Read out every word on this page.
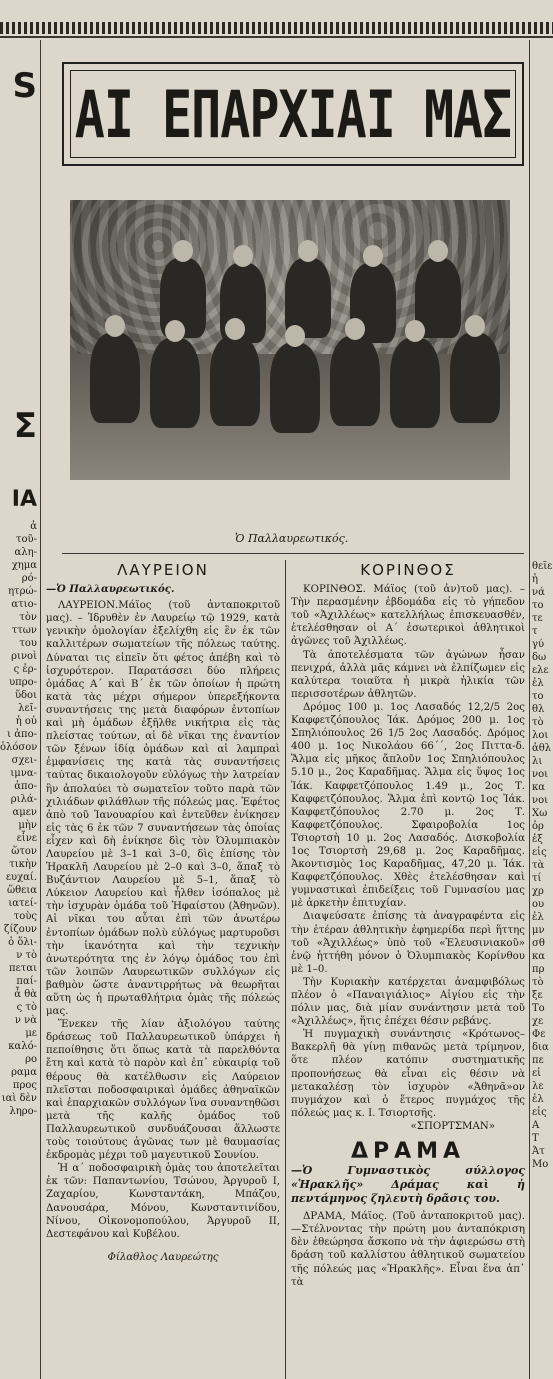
S

Σ

ΙΑ

ἀ

τοῦ-

αλη-

χημα

ρό-

ητρώ-

ατιο-

τὸν

ττων

του

ρινοὶ

ς ἐρ-

υπρο-

ὕδοι

λεῖ-

ἡ οὐ

ι ἀπο-

ὁλόσον

σχει-

ιμνα-

ἀπο-

ριλά-

αμεν

μὴν

εἶνε

ὥτον

τικὴν

ευχαί.

ὥθεια

ιατεί-

τοὺς

ζίζουν

ὁ ὅλι-

ν τὸ

πεται

παί-

ἆ θὰ

ς τὸ

ν νὰ

με

καλό-

ρο

ραμα

προς

ιαὶ δὲν

ληρο-

θεῖε

ἡ

νά

το

τε

τ

γύ

δω

ελε

ἐλ

το

θλ

τὸ

λοι

ἀθλ

λι

νοι

κα

νοι

Χω

ὀρ

ἐξ

εἰς

τὰ

τί

χρ

ου

ἐλ

μν

σθ

κα

πρ

τὸ

ξε

Το

χε

Φε

δια

πε

εἰ

λε

ἐλ

εἰς

Α

Τ

Ἀτ

Μο

ΑΙ ΕΠΑΡΧΙΑΙ ΜΑΣ
Ὁ Παλλαυρεωτικός.
ΛΑΥΡΕΙΟΝ
—Ὁ Παλλαυρεωτικός.

ΛΑΥΡΕΙΟΝ.Μάϊος (τοῦ ἀνταποκριτοῦ μας). – Ἱδρυθὲν ἐν Λαυρείῳ τῷ 1929, κατὰ γενικὴν ὁμολογίαν ἐξελίχθη εἰς ἓν ἐκ τῶν καλλιτέρων σωματείων τῆς πόλεως ταύτης. Δύναται τις εἰπεῖν ὅτι φέτος ἀπέβη καὶ τὸ ἰσχυρότερον. Παρατάσσει δύο πλήρεις ὁμάδας Α΄ καὶ Β΄ ἐκ τῶν ὁποίων ἡ πρώτη κατὰ τὰς μέχρι σήμερον ὑπερεξήκοντα συναντήσεις της μετὰ διαφόρων ἐντοπίων καὶ μὴ ὁμάδων ἐξῆλθε νικήτρια εἰς τὰς πλείστας τούτων, αἱ δὲ νῖκαι της ἐναντίον τῶν ξένων ἰδίᾳ ὁμάδων καὶ αἱ λαμπραὶ ἐμφανίσεις της κατὰ τὰς συναντήσεις ταύτας δικαιολογοῦν εὐλόγως τὴν λατρείαν ἣν ἀπολαύει τὸ σωματεῖον τοῦτο παρὰ τῶν χιλιάδων φιλάθλων τῆς πόλεώς μας. Ἐφέτος ἀπὸ τοῦ Ἰανουαρίου καὶ ἐντεῦθεν ἐνίκησεν εἰς τὰς 6 ἐκ τῶν 7 συναντήσεων τὰς ὁποίας εἶχεν καὶ δὴ ἐνίκησε δὶς τὸν Ὀλυμπιακὸν Λαυρείου μὲ 3–1 καὶ 3–0, δὶς ἐπίσης τὸν Ἡρακλῆ Λαυρείου μὲ 2–0 καὶ 3–0, ἅπαξ τὸ Βυζάντιον Λαυρείου μὲ 5–1, ἅπαξ τὸ Λύκειον Λαυρείου καὶ ἦλθεν ἰσόπαλος μὲ τὴν ἰσχυρὰν ὁμάδα τοῦ Ἡφαίστου (Ἀθηνῶν). Αἱ νῖκαι του αὗται ἐπὶ τῶν ἀνωτέρω ἐντοπίων ὁμάδων πολὺ εὐλόγως μαρτυροῦσι τὴν ἱκανότητα καὶ τὴν τεχνικὴν ἀνωτερότητα της ἐν λόγῳ ὁμάδος του ἐπὶ τῶν λοιπῶν Λαυρεωτικῶν συλλόγων εἰς βαθμὸν ὥστε ἀναντιρρήτως νὰ θεωρῆται αὕτη ὡς ἡ πρωταθλήτρια ὁμὰς τῆς πόλεώς μας.

Ἕνεκεν τῆς λίαν ἀξιολόγου ταύτης δράσεως τοῦ Παλλαυρεωτικοῦ ὑπάρχει ἡ πεποίθησις ὅτι ὅπως κατὰ τὰ παρελθόντα ἔτη καὶ κατὰ τὸ παρὸν καὶ ἐπ᾽ εὐκαιρίᾳ τοῦ θέρους θὰ κατέλθωσιν εἰς Λαύρειον πλεῖσται ποδοσφαιρικαὶ ὁμάδες ἀθηναϊκῶν καὶ ἐπαρχιακῶν συλλόγων ἵνα συναντηθῶσι μετὰ τῆς καλῆς ὁμάδος τοῦ Παλλαυρεωτικοῦ συνδυάζουσαι ἅλλωστε τοὺς τοιούτους ἀγῶνας των μὲ θαυμασίας ἐκδρομὰς μέχρι τοῦ μαγευτικοῦ Σουνίου.

Ἡ α΄ ποδοσφαιρικὴ ὁμὰς του ἀποτελεῖται ἐκ τῶν: Παπαντωνίου, Τσώνου, Ἀργυροῦ Ι, Ζαχαρίου, Κωνσταντάκη, Μπάζου, Δανουσάρα, Μόνου, Κωνσταντινίδου, Νίνου, Οἰκονομοπούλου, Ἀργυροῦ ΙΙ, Δεστεφάνου καὶ Κυβέλου.

Φίλαθλος Λαυρεώτης

ΚΟΡΙΝΘΟΣ

ΚΟΡΙΝΘΟΣ. Μάϊος (τοῦ ἀν)τοῦ μας). – Τὴν περασμένην ἑβδομάδα εἰς τὸ γήπεδον τοῦ «Ἀχιλλέως» κατελλήλως ἐπισκευασθέν, ἐτελέσθησαν οἱ Α΄ ἐσωτερικοὶ ἀθλητικοὶ ἀγῶνες τοῦ Ἀχιλλέως.

Τὰ ἀποτελέσματα τῶν ἀγώνων ἦσαν πενιχρά, ἀλλὰ μᾶς κάμνει νὰ ἐλπίζωμεν εἰς καλύτερα τοιαῦτα ἡ μικρὰ ἡλικία τῶν περισσοτέρων ἀθλητῶν.

Δρόμος 100 μ. 1ος Λασαδός 12,2/5 2ος Καφφετζόπουλος Ἰάκ. Δρόμος 200 μ. 1ος Σπηλιόπουλος 26 1/5 2ος Λασαδός. Δρόμος 400 μ. 1ος Νικολάου 66΄΄, 2ος Πιττα-δ. Ἅλμα εἰς μῆκος ἄπλοῦν 1ος Σπηλιόπουλος 5.10 μ., 2ος Καραδῆμας. Ἅλμα εἰς ὕψος 1ος Ἰάκ. Καφφετζόπουλος 1.49 μ., 2ος Τ. Καφφετζόπουλος. Ἅλμα ἐπὶ κοντῷ 1ος Ἰάκ. Καφφετζόπουλος 2.70 μ. 2ος Τ. Καφφετζόπουλος. Σφαιροβολία 1ος Τσιορτσὴ 10 μ. 2ος Λασαδός. Δισκοβολία 1ος Τσιορτσὴ 29,68 μ. 2ος Καραδῆμας. Ἀκοντισμὸς 1ος Καραδῆμας, 47,20 μ. Ἰάκ. Καφφετζόπουλος. Χθὲς ἐτελέσθησαν καὶ γυμναστικαὶ ἐπιδείξεις τοῦ Γυμνασίου μας μὲ ἀρκετὴν ἐπιτυχίαν.

Διαψεύσατε ἐπίσης τὰ ἀναγραφέντα εἰς τὴν ἑτέραν ἀθλητικὴν ἐφημερίδα περὶ ἥττης τοῦ «Ἀχιλλέως» ὑπὸ τοῦ «Ἐλευσινιακοῦ» ἐνῷ ἡττήθη μόνον ὁ Ὀλυμπιακὸς Κορίνθου μὲ 1–0.

Τὴν Κυριακὴν κατέρχεται ἀναμφιβόλως πλέον ὁ «Παναιγιάλιος» Αἰγίου εἰς τὴν πόλιν μας, διὰ μίαν συνάντησιν μετὰ τοῦ «Ἀχιλλέως», ἥτις ἐπέχει θέσιν ρεβάνς.

Ἡ πυγμαχικὴ συνάντησις «Κρότωνος–Βακερλῆ θὰ γίνῃ πιθανῶς μετὰ τρίμηνον, ὅτε πλέον κατόπιν συστηματικῆς προπονήσεως θὰ εἶναι εἰς θέσιν νὰ μετακαλέσῃ τὸν ἰσχυρὸν «Ἀθηνᾶ»ον πυγμάχον καὶ ὁ ἕτερος πυγμάχος τῆς πόλεώς μας κ. Ι. Τσιορτσῆς.

«ΣΠΟΡΤΣΜΑΝ»

ΔΡΑΜΑ
—Ὁ Γυμναστικὸς σύλλογος «Ἡρακλῆς» Δράμας καὶ ἡ πεντάμηνος ζηλευτὴ δρᾶσις του.

ΔΡΑΜΑ, Μάϊος. (Τοῦ ἀνταποκριτοῦ μας).—Στέλνοντας τὴν πρώτη μου ἀνταπόκριση δὲν ἐθεώρησα ἄσκοπο νὰ τὴν ἀφιερώσω στὴ δράση τοῦ καλλίστου ἀθλητικοῦ σωματείου τῆς πόλεώς μας «Ἡρακλῆς». Εἶναι ἕνα ἀπ᾽ τὰ
